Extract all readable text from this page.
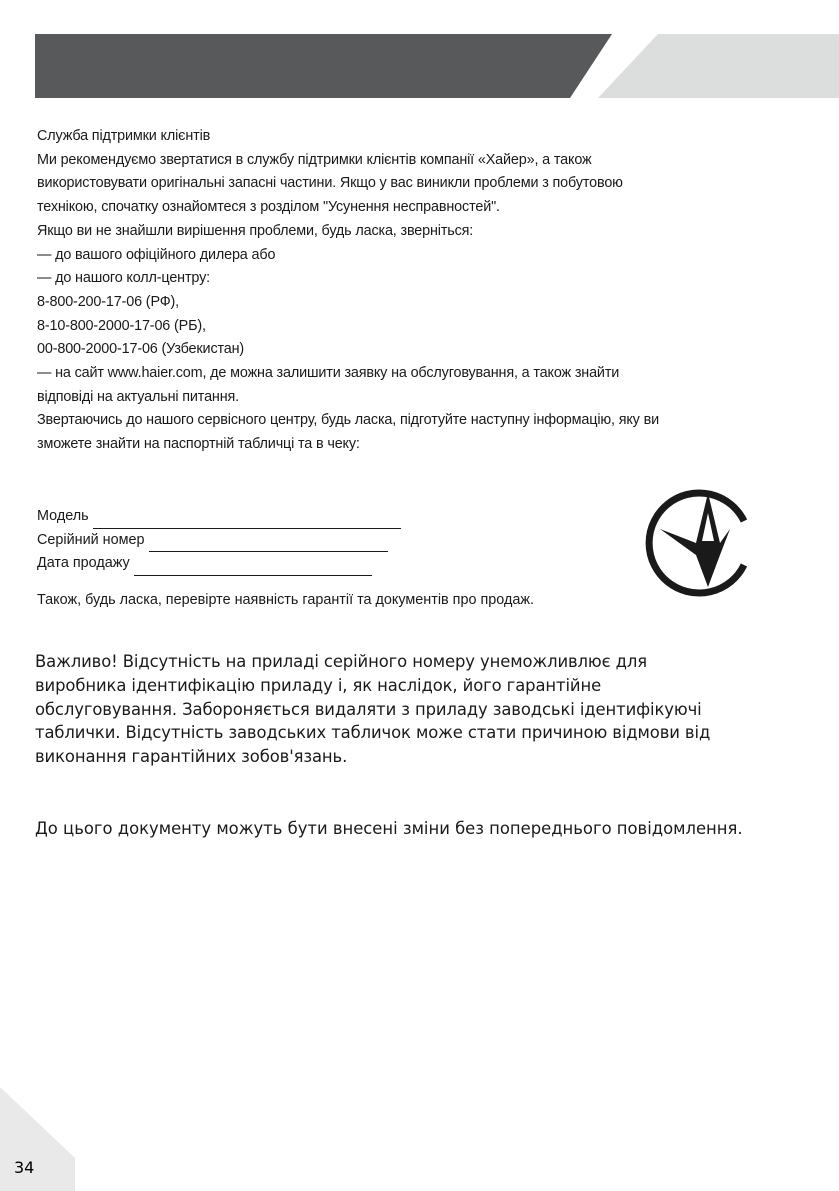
Служба підтримки клієнтів

Ми рекомендуємо звертатися в службу підтримки клієнтів компанії «Хайер», а також

використовувати оригінальні запасні частини. Якщо у вас виникли проблеми з побутовою

технікою, спочатку ознайомтеся з розділом "Усунення несправностей".

Якщо ви не знайшли вирішення проблеми, будь ласка, зверніться:

— до вашого офіційного дилера або

— до нашого колл-центру:

8-800-200-17-06 (РФ),

8-10-800-2000-17-06 (РБ),

00-800-2000-17-06 (Узбекистан)

— на сайт www.haier.com, де можна залишити заявку на обслуговування, а також знайти

відповіді на актуальні питання.

Звертаючись до нашого сервісного центру, будь ласка, підготуйте наступну інформацію, яку ви

зможете знайти на паспортній табличці та в чеку:

Модель
Серійний номер
Дата продажу
Також, будь ласка, перевірте наявність гарантії та документів про продаж.

Важливо! Відсутність на приладі серійного номеру унеможливлює для

виробника ідентифікацію приладу і, як наслідок, його гарантійне

обслуговування. Забороняється видаляти з приладу заводські ідентифікуючі

таблички. Відсутність заводських табличок може стати причиною відмови від

виконання гарантійних зобов'язань.

До цього документу можуть бути внесені зміни без попереднього повідомлення.
34
